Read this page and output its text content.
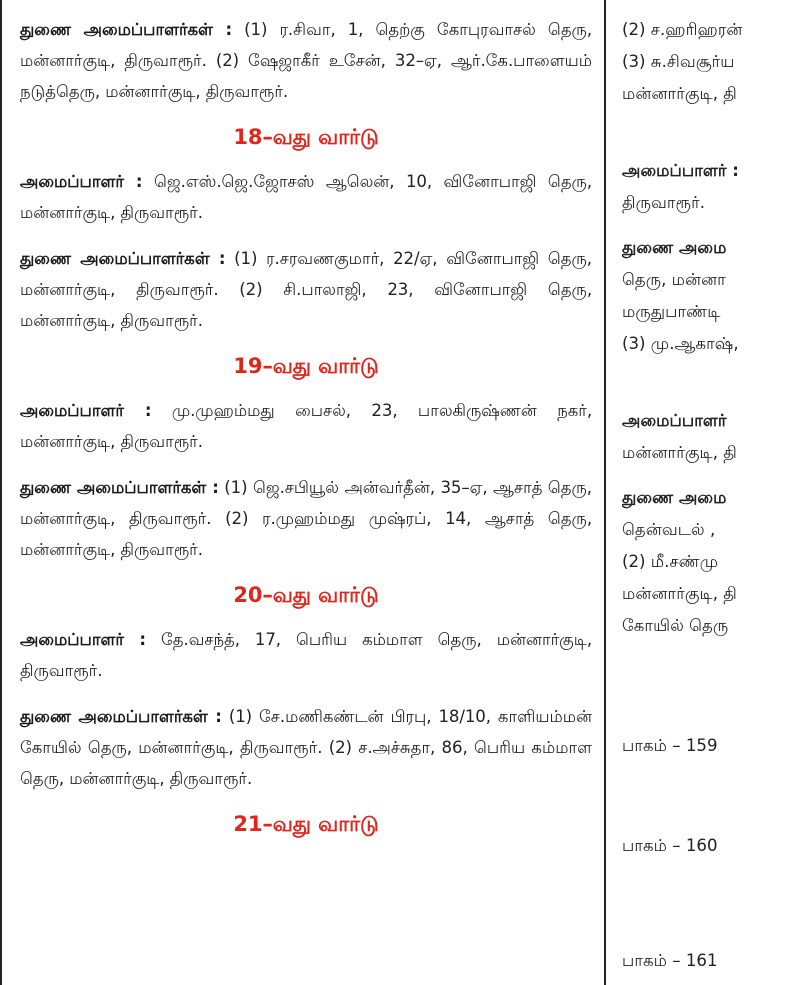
துணை அமைப்பாளர்கள் : (1) ர.சிவா, 1, தெற்கு கோபுரவாசல் தெரு, மன்னார்குடி, திருவாரூர். (2) ஷேஜாகீர் உசேன், 32–ஏ, ஆர்.கே.பாளையம் நடுத்தெரு, மன்னார்குடி, திருவாரூர்.

18–வது வார்டு

அமைப்பாளர் : ஜெ.எஸ்.ஜெ.ஜோசஸ் ஆலென், 10, வினோபாஜி தெரு, மன்னார்குடி, திருவாரூர்.

துணை அமைப்பாளர்கள் : (1) ர.சரவணகுமார், 22/ஏ, வினோபாஜி தெரு, மன்னார்குடி, திருவாரூர். (2) சி.பாலாஜி, 23, வினோபாஜி தெரு, மன்னார்குடி, திருவாரூர்.

19–வது வார்டு

அமைப்பாளர் : மு.முஹம்மது பைசல், 23, பாலகிருஷ்ணன் நகர், மன்னார்குடி, திருவாரூர்.

துணை அமைப்பாளர்கள் : (1) ஜெ.சபியூல் அன்வர்தீன், 35–ஏ, ஆசாத் தெரு, மன்னார்குடி, திருவாரூர். (2) ர.முஹம்மது முஷ்ரப், 14, ஆசாத் தெரு, மன்னார்குடி, திருவாரூர்.

20–வது வார்டு

அமைப்பாளர் : தே.வசந்த், 17, பெரிய கம்மாள தெரு, மன்னார்குடி, திருவாரூர்.

துணை அமைப்பாளர்கள் : (1) சே.மணிகண்டன் பிரபு, 18/10, காளியம்மன் கோயில் தெரு, மன்னார்குடி, திருவாரூர். (2) ச.அச்சுதா, 86, பெரிய கம்மாள தெரு, மன்னார்குடி, திருவாரூர்.

21–வது வார்டு

(2) ச.ஹரிஹரன்

(3) சு.சிவசூர்ய

மன்னார்குடி, தி

அமைப்பாளர் :

திருவாரூர்.

துணை அமை

தெரு, மன்னா

மருதுபாண்டி

(3) மு.ஆகாஷ்,

அமைப்பாளர்

மன்னார்குடி, தி

துணை அமை

தென்வடல் ,

(2) மீ.சண்மு

மன்னார்குடி, தி

கோயில் தெரு

பாகம் – 159

பாகம் – 160

பாகம் – 161
